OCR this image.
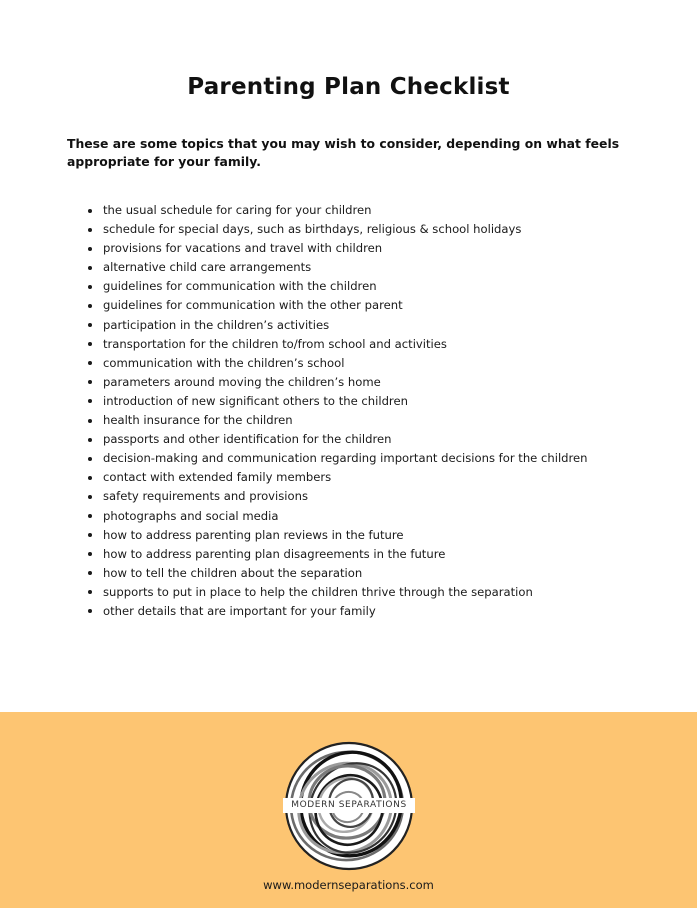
Parenting Plan Checklist
These are some topics that you may wish to consider, depending on what feels appropriate for your family.
the usual schedule for caring for your children
schedule for special days, such as birthdays, religious & school holidays
provisions for vacations and travel with children
alternative child care arrangements
guidelines for communication with the children
guidelines for communication with the other parent
participation in the children’s activities
transportation for the children to/from school and activities
communication with the children’s school
parameters around moving the children’s home
introduction of new significant others to the children
health insurance for the children
passports and other identification for the children
decision-making and communication regarding important decisions for the children
contact with extended family members
safety requirements and provisions
photographs and social media
how to address parenting plan reviews in the future
how to address parenting plan disagreements in the future
how to tell the children about the separation
supports to put in place to help the children thrive through the separation
other details that are important for your family
MODERN SEPARATIONS
www.modernseparations.com
